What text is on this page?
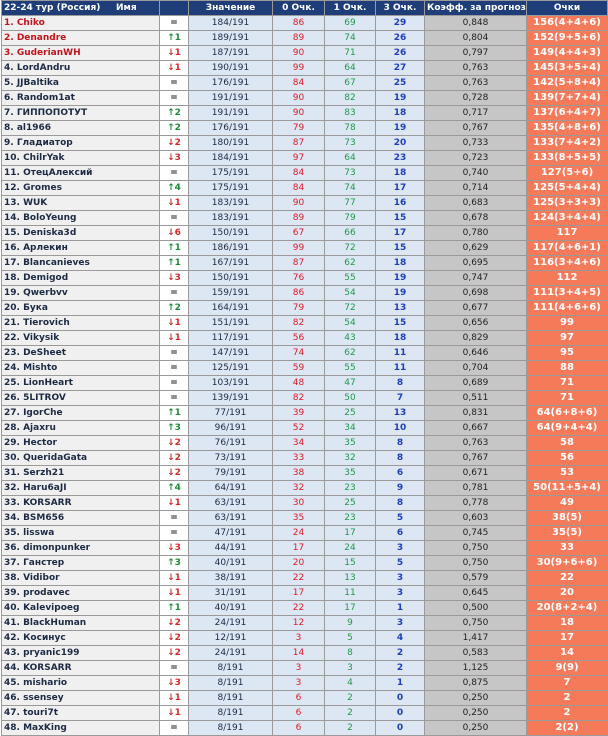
22-24 тур (Россия) Имя		Значение	0 Очк.	1 Очк.	3 Очк.	Коэфф. за прогноз	Очки
1. Chiko	=	184/191	86	69	29	0,848	156(4+4+6)
2. Denandre	↑1	189/191	89	74	26	0,804	152(9+5+6)
3. GuderianWH	↓1	187/191	90	71	26	0,797	149(4+4+3)
4. LordAndru	↓1	190/191	99	64	27	0,763	145(3+5+4)
5. JJBaltika	=	176/191	84	67	25	0,763	142(5+8+4)
6. Random1at	=	191/191	90	82	19	0,728	139(7+7+4)
7. ГИППОПОТУТ	↑2	191/191	90	83	18	0,717	137(6+4+7)
8. al1966	↑2	176/191	79	78	19	0,767	135(4+8+6)
9. Гладиатор	↓2	180/191	87	73	20	0,733	133(7+4+2)
10. ChilrYak	↓3	184/191	97	64	23	0,723	133(8+5+5)
11. ОтецАлексий	=	175/191	84	73	18	0,740	127(5+6)
12. Gromes	↑4	175/191	84	74	17	0,714	125(5+4+4)
13. WUK	↓1	183/191	90	77	16	0,683	125(3+3+3)
14. BoloYeung	=	183/191	89	79	15	0,678	124(3+4+4)
15. Deniska3d	↓6	150/191	67	66	17	0,780	117
16. Арлекин	↑1	186/191	99	72	15	0,629	117(4+6+1)
17. Blancanieves	↑1	167/191	87	62	18	0,695	116(3+4+6)
18. Demigod	↓3	150/191	76	55	19	0,747	112
19. Qwerbvv	=	159/191	86	54	19	0,698	111(3+4+5)
20. Бука	↑2	164/191	79	72	13	0,677	111(4+6+6)
21. Tierovich	↓1	151/191	82	54	15	0,656	99
22. Vikysik	↓1	117/191	56	43	18	0,829	97
23. DeSheet	=	147/191	74	62	11	0,646	95
24. Mishto	=	125/191	59	55	11	0,704	88
25. LionHeart	=	103/191	48	47	8	0,689	71
26. 5LITROV	=	139/191	82	50	7	0,511	71
27. IgorChe	↑1	77/191	39	25	13	0,831	64(6+8+6)
28. Ajaxru	↑3	96/191	52	34	10	0,667	64(9+4+4)
29. Hector	↓2	76/191	34	35	8	0,763	58
30. QueridaGata	↓2	73/191	33	32	8	0,767	56
31. Serzh21	↓2	79/191	38	35	6	0,671	53
32. Haru6aJI	↑4	64/191	32	23	9	0,781	50(11+5+4)
33. KORSARR	↓1	63/191	30	25	8	0,778	49
34. BSM656	=	63/191	35	23	5	0,603	38(5)
35. lisswa	=	47/191	24	17	6	0,745	35(5)
36. dimonpunker	↓3	44/191	17	24	3	0,750	33
37. Ганстер	↑3	40/191	20	15	5	0,750	30(9+6+6)
38. Vidibor	↓1	38/191	22	13	3	0,579	22
39. prodavec	↓1	31/191	17	11	3	0,645	20
40. Kalevipoeg	↑1	40/191	22	17	1	0,500	20(8+2+4)
41. BlackHuman	↓2	24/191	12	9	3	0,750	18
42. Косинус	↓2	12/191	3	5	4	1,417	17
43. pryanic199	↓2	24/191	14	8	2	0,583	14
44. KORSARR	=	8/191	3	3	2	1,125	9(9)
45. mishario	↓3	8/191	3	4	1	0,875	7
46. ssensey	↓1	8/191	6	2	0	0,250	2
47. touri7t	↓1	8/191	6	2	0	0,250	2
48. MaxKing	=	8/191	6	2	0	0,250	2(2)
